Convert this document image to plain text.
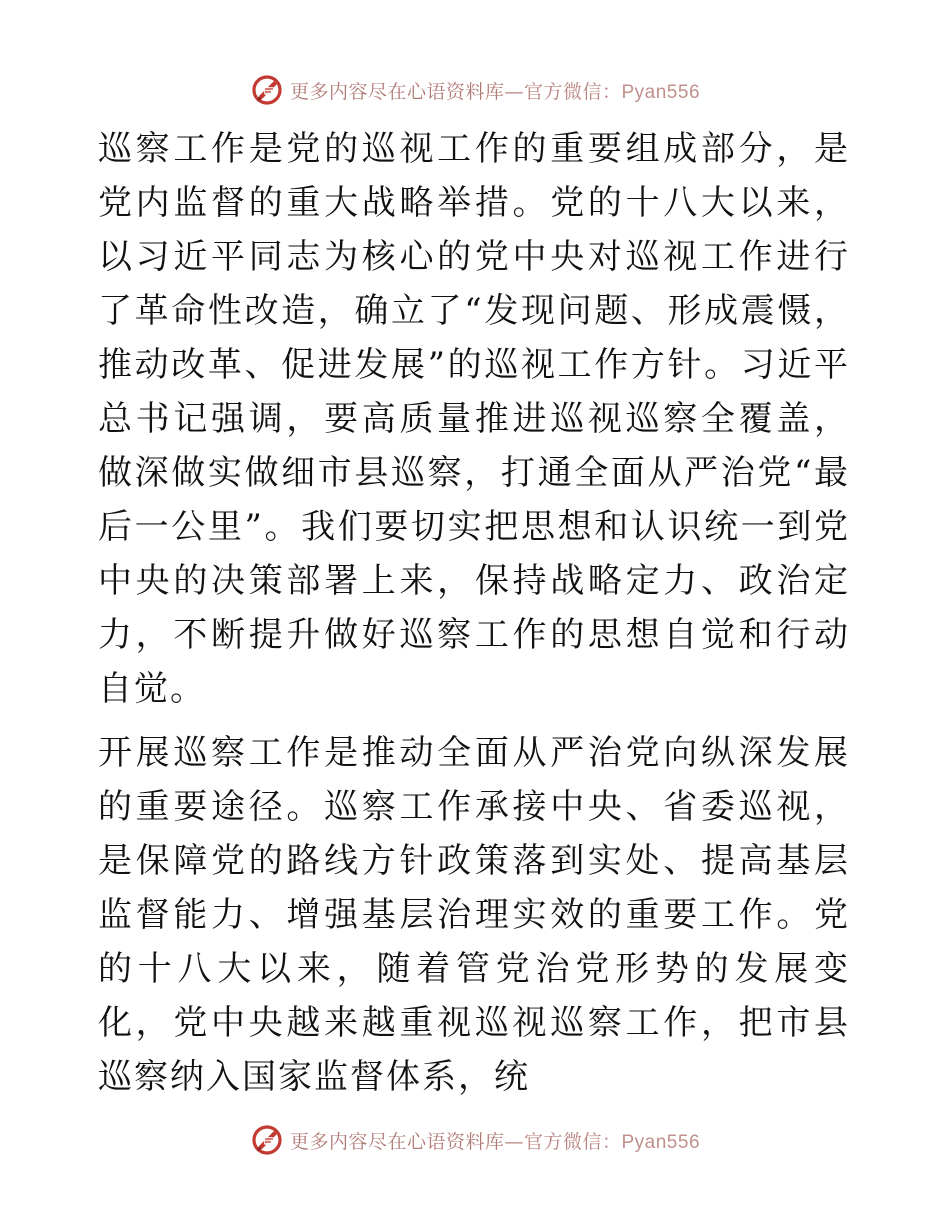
更多内容尽在心语资料库—官方微信：Pyan556

巡察工作是党的巡视工作的重要组成部分，是党内监督的重大战略举措。党的十八大以来，以习近平同志为核心的党中央对巡视工作进行了革命性改造，确立了“发现问题、形成震慑，推动改革、促进发展”的巡视工作方针。习近平总书记强调，要高质量推进巡视巡察全覆盖，做深做实做细市县巡察，打通全面从严治党“最后一公里”。我们要切实把思想和认识统一到党中央的决策部署上来，保持战略定力、政治定力，不断提升做好巡察工作的思想自觉和行动自觉。

开展巡察工作是推动全面从严治党向纵深发展的重要途径。巡察工作承接中央、省委巡视，是保障党的路线方针政策落到实处、提高基层监督能力、增强基层治理实效的重要工作。党的十八大以来，随着管党治党形势的发展变化，党中央越来越重视巡视巡察工作，把市县巡察纳入国家监督体系，统

更多内容尽在心语资料库—官方微信：Pyan556
